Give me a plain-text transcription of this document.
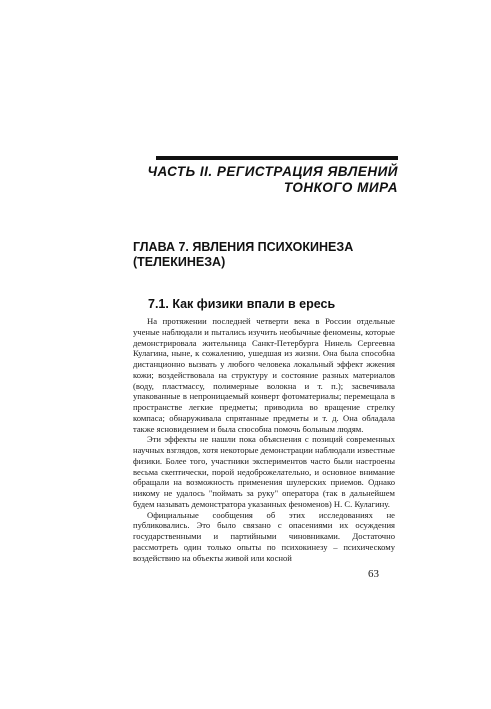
ЧАСТЬ II. РЕГИСТРАЦИЯ ЯВЛЕНИЙ
ТОНКОГО МИРА
ГЛАВА 7. ЯВЛЕНИЯ ПСИХОКИНЕЗА
(ТЕЛЕКИНЕЗА)
7.1. Как физики впали в ересь

На протяжении последней четверти века в России отдельные ученые наблюдали и пытались изучить необычные феномены, которые демонстрировала жительница Санкт-Петербурга Нинель Сергеевна Кулагина, ныне, к сожалению, ушедшая из жизни. Она была способна дистанционно вызвать у любого человека локальный эффект жжения кожи; воздействовала на структуру и состояние разных материалов (воду, пластмассу, полимерные волокна и т. п.); засвечивала упакованные в непроницаемый конверт фотоматериалы; перемещала в пространстве легкие предметы; приводила во вращение стрелку компаса; обнаруживала спрятанные предметы и т. д. Она обладала также ясновидением и была способна помочь больным людям.

Эти эффекты не нашли пока объяснения с позиций современных научных взглядов, хотя некоторые демонстрации наблюдали известные физики. Более того, участники экспериментов часто были настроены весьма скептически, порой недоброжелательно, и основное внимание обращали на возможность применения шулерских приемов. Однако никому не удалось "поймать за руку" оператора (так в дальнейшем будем называть демонстратора указанных феноменов) Н. С. Кулагину.

Официальные сообщения об этих исследованиях не публиковались. Это было связано с опасениями их осуждения государственными и партийными чиновниками. Достаточно рассмотреть один только опыты по психокинезу – психическому воздействию на объекты живой или косной

63
